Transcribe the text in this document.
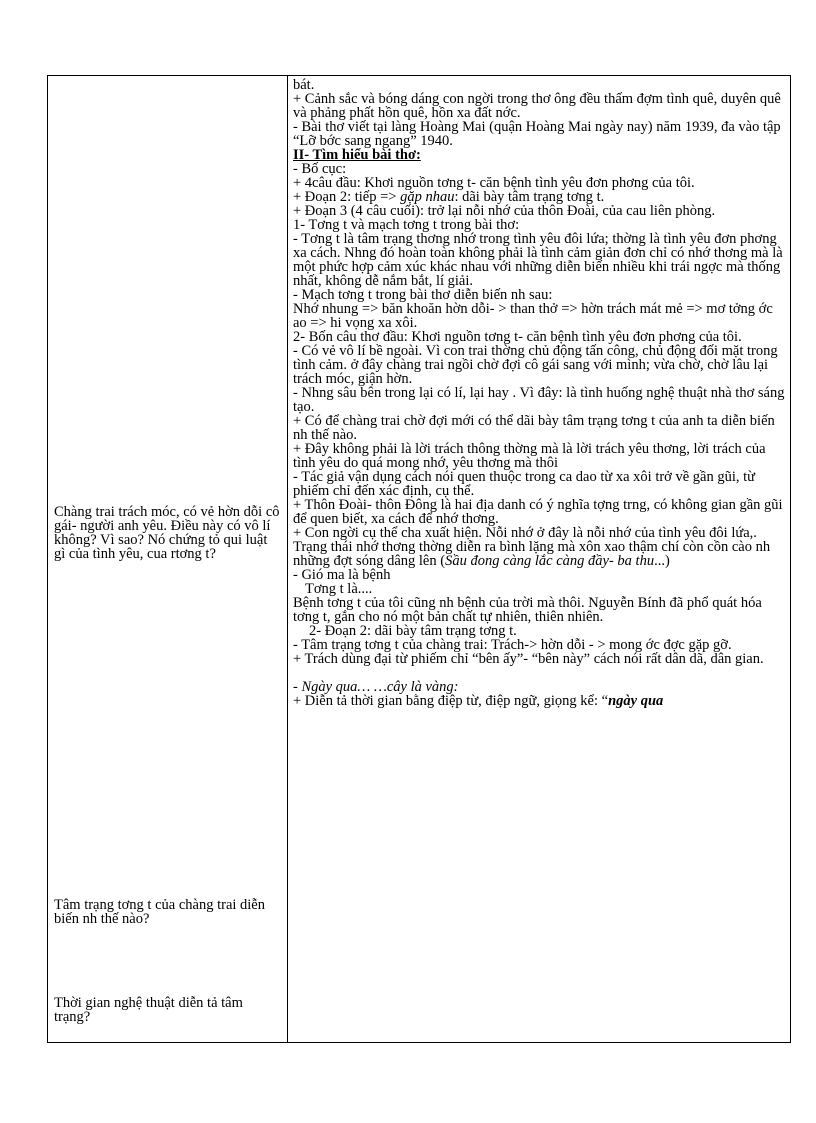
Chàng trai trách móc, có vẻ hờn dỗi cô gái- người anh yêu. Điều này có vô lí không? Vì sao? Nó chứng tỏ qui luật gì của tình yêu, cua rtơng t?
Tâm trạng tơng t của chàng trai diễn biến nh thế nào?
Thời gian nghệ thuật diễn tả tâm trạng?

bát.

+ Cảnh sắc và bóng dáng con ngời trong thơ ông đều thấm đợm tình quê, duyên quê và phảng phất hồn quê, hồn xa đất nớc.

- Bài thơ viết tại làng Hoàng Mai (quận Hoàng Mai ngày nay) năm 1939, đa vào tập “Lỡ bớc sang ngang” 1940.

II- Tìm hiểu bài thơ:

- Bố cục:

+ 4câu đầu: Khơi nguồn tơng t- căn bệnh tình yêu đơn phơng của tôi.

+ Đoạn 2: tiếp => gặp nhau: dãi bày tâm trạng tơng t.

+ Đoạn 3 (4 câu cuối): trở lại nỗi nhớ của thôn Đoài, của cau liên phòng.

1- Tơng t và mạch tơng t trong bài thơ:

- Tơng t là tâm trạng thơng nhớ trong tình yêu đôi lứa; thờng là tình yêu đơn phơng xa cách. Nhng đó hoàn toàn không phải là tình cảm giản đơn chỉ có nhớ thơng mà là một phức hợp cảm xúc khác nhau với những diễn biến nhiều khi trái ngợc mà thống nhất, không dễ nắm bắt, lí giải.

- Mạch tơng t trong bài thơ diễn biến nh sau:

Nhớ nhung => băn khoăn hờn dỗi- > than thở => hờn trách mát mẻ => mơ tởng ớc ao => hi vọng xa xôi.

2- Bốn câu thơ đầu: Khơi nguồn tơng t- căn bệnh tình yêu đơn phơng của tôi.

- Có vẻ vô lí bề ngoài. Vì con trai thờng chủ động tấn công, chủ động đối mặt trong tình cảm. ở đây chàng trai ngồi chờ đợi cô gái sang với mình; vừa chờ, chờ lâu lại trách móc, giận hờn.

- Nhng sâu bên trong lại có lí, lại hay . Vì đây: là tình huống nghệ thuật nhà thơ sáng tạo.

+ Có để chàng trai chờ đợi mới có thể dãi bày tâm trạng tơng t của anh ta diễn biến nh thế nào.

+ Đây không phải là lời trách thông thờng mà là lời trách yêu thơng, lời trách của tình yêu do quá mong nhớ, yêu thơng mà thôi

- Tác giả vận dụng cách nói quen thuộc trong ca dao từ xa xôi trở về gần gũi, từ phiếm chỉ đến xác định, cụ thể.

+ Thôn Đoài- thôn Đông là hai địa danh có ý nghĩa tợng trng, có không gian gần gũi để quen biết, xa cách để nhớ thơng.

+ Con ngời cụ thể cha xuất hiện. Nỗi nhớ ở đây là nỗi nhớ của tình yêu đôi lứa,. Trạng thái nhớ thơng thờng diễn ra bình lặng mà xôn xao thậm chí còn cồn cào nh những đợt sóng dâng lên (Sầu đong càng lắc càng đầy- ba thu...)

- Gió ma là bệnh

Tơng t là....

Bệnh tơng t của tôi cũng nh bệnh của trời mà thôi. Nguyễn Bính đã phổ quát hóa tơng t, gắn cho nó một bản chất tự nhiên, thiên nhiên.

2- Đoạn 2: dãi bày tâm trạng tơng t.

- Tâm trạng tơng t của chàng trai: Trách-> hờn dỗi - > mong ớc đợc gặp gỡ.

+ Trách dùng đại từ phiếm chỉ “bên ấy”- “bên này” cách nói rất dân dã, dân gian.

- Ngày qua… …cây là vàng:

+ Diễn tả thời gian bằng điệp từ, điệp ngữ, giọng kể: “ngày qua
